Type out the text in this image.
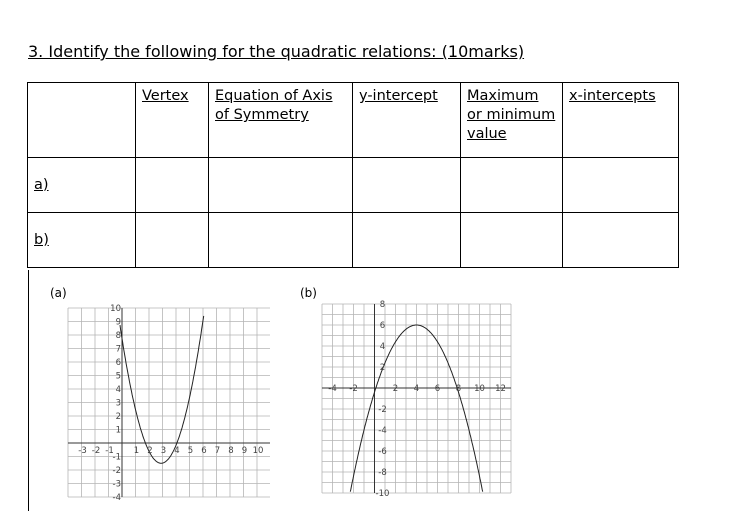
3. Identify the following for the quadratic relations: (10marks)
	Vertex	Equation of Axis of Symmetry	y-intercept	Maximum or minimum value	x-intercepts
a)					
b)					
(a)	(b)
-3 -2 -1 1 2 3 4 5 6 7 8 9 10
10
9
8
7
6
5
4
3
2
1
-1
-2
-3
-4
-4 -2	2 4 6 8 10 12
8
6
4
2
-2
-4
-6
-8
-10
